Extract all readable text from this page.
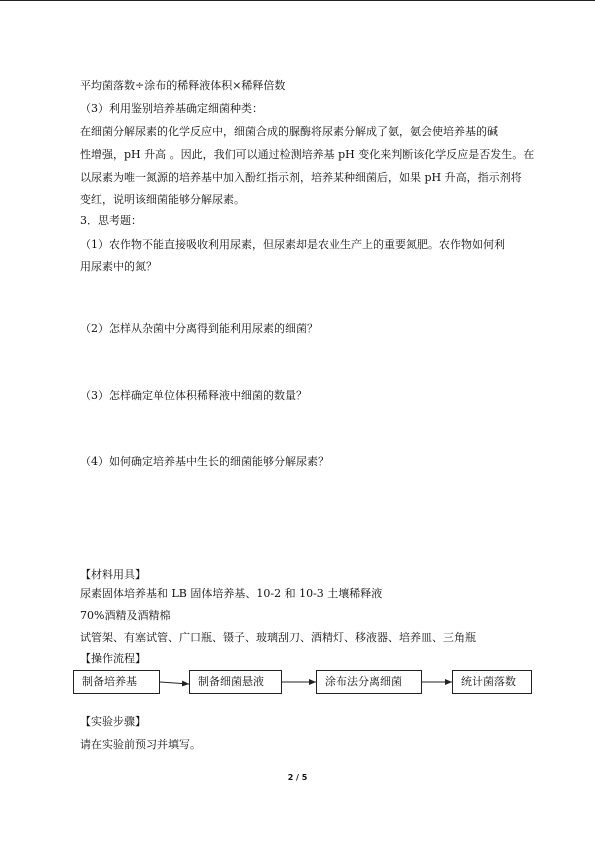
平均菌落数÷涂布的稀释液体积×稀释倍数
（3）利用鉴别培养基确定细菌种类：
在细菌分解尿素的化学反应中，细菌合成的脲酶将尿素分解成了氨，氨会使培养基的碱
性增强，pH 升高 。因此，我们可以通过检测培养基 pH 变化来判断该化学反应是否发生。在
以尿素为唯一氮源的培养基中加入酚红指示剂，培养某种细菌后，如果 pH 升高，指示剂将
变红，说明该细菌能够分解尿素。
3．思考题：
（1）农作物不能直接吸收利用尿素，但尿素却是农业生产上的重要氮肥。农作物如何利
用尿素中的氮？
（2）怎样从杂菌中分离得到能利用尿素的细菌？
（3）怎样确定单位体积稀释液中细菌的数量？
（4）如何确定培养基中生长的细菌能够分解尿素？
【材料用具】
尿素固体培养基和 LB 固体培养基、10-2 和 10-3 土壤稀释液
70%酒精及酒精棉
试管架、有塞试管、广口瓶、镊子、玻璃刮刀、酒精灯、移液器、培养皿、三角瓶
【操作流程】
制备培养基	制备细菌悬液	涂布法分离细菌	统计菌落数
【实验步骤】
请在实验前预习并填写。
2 / 5
